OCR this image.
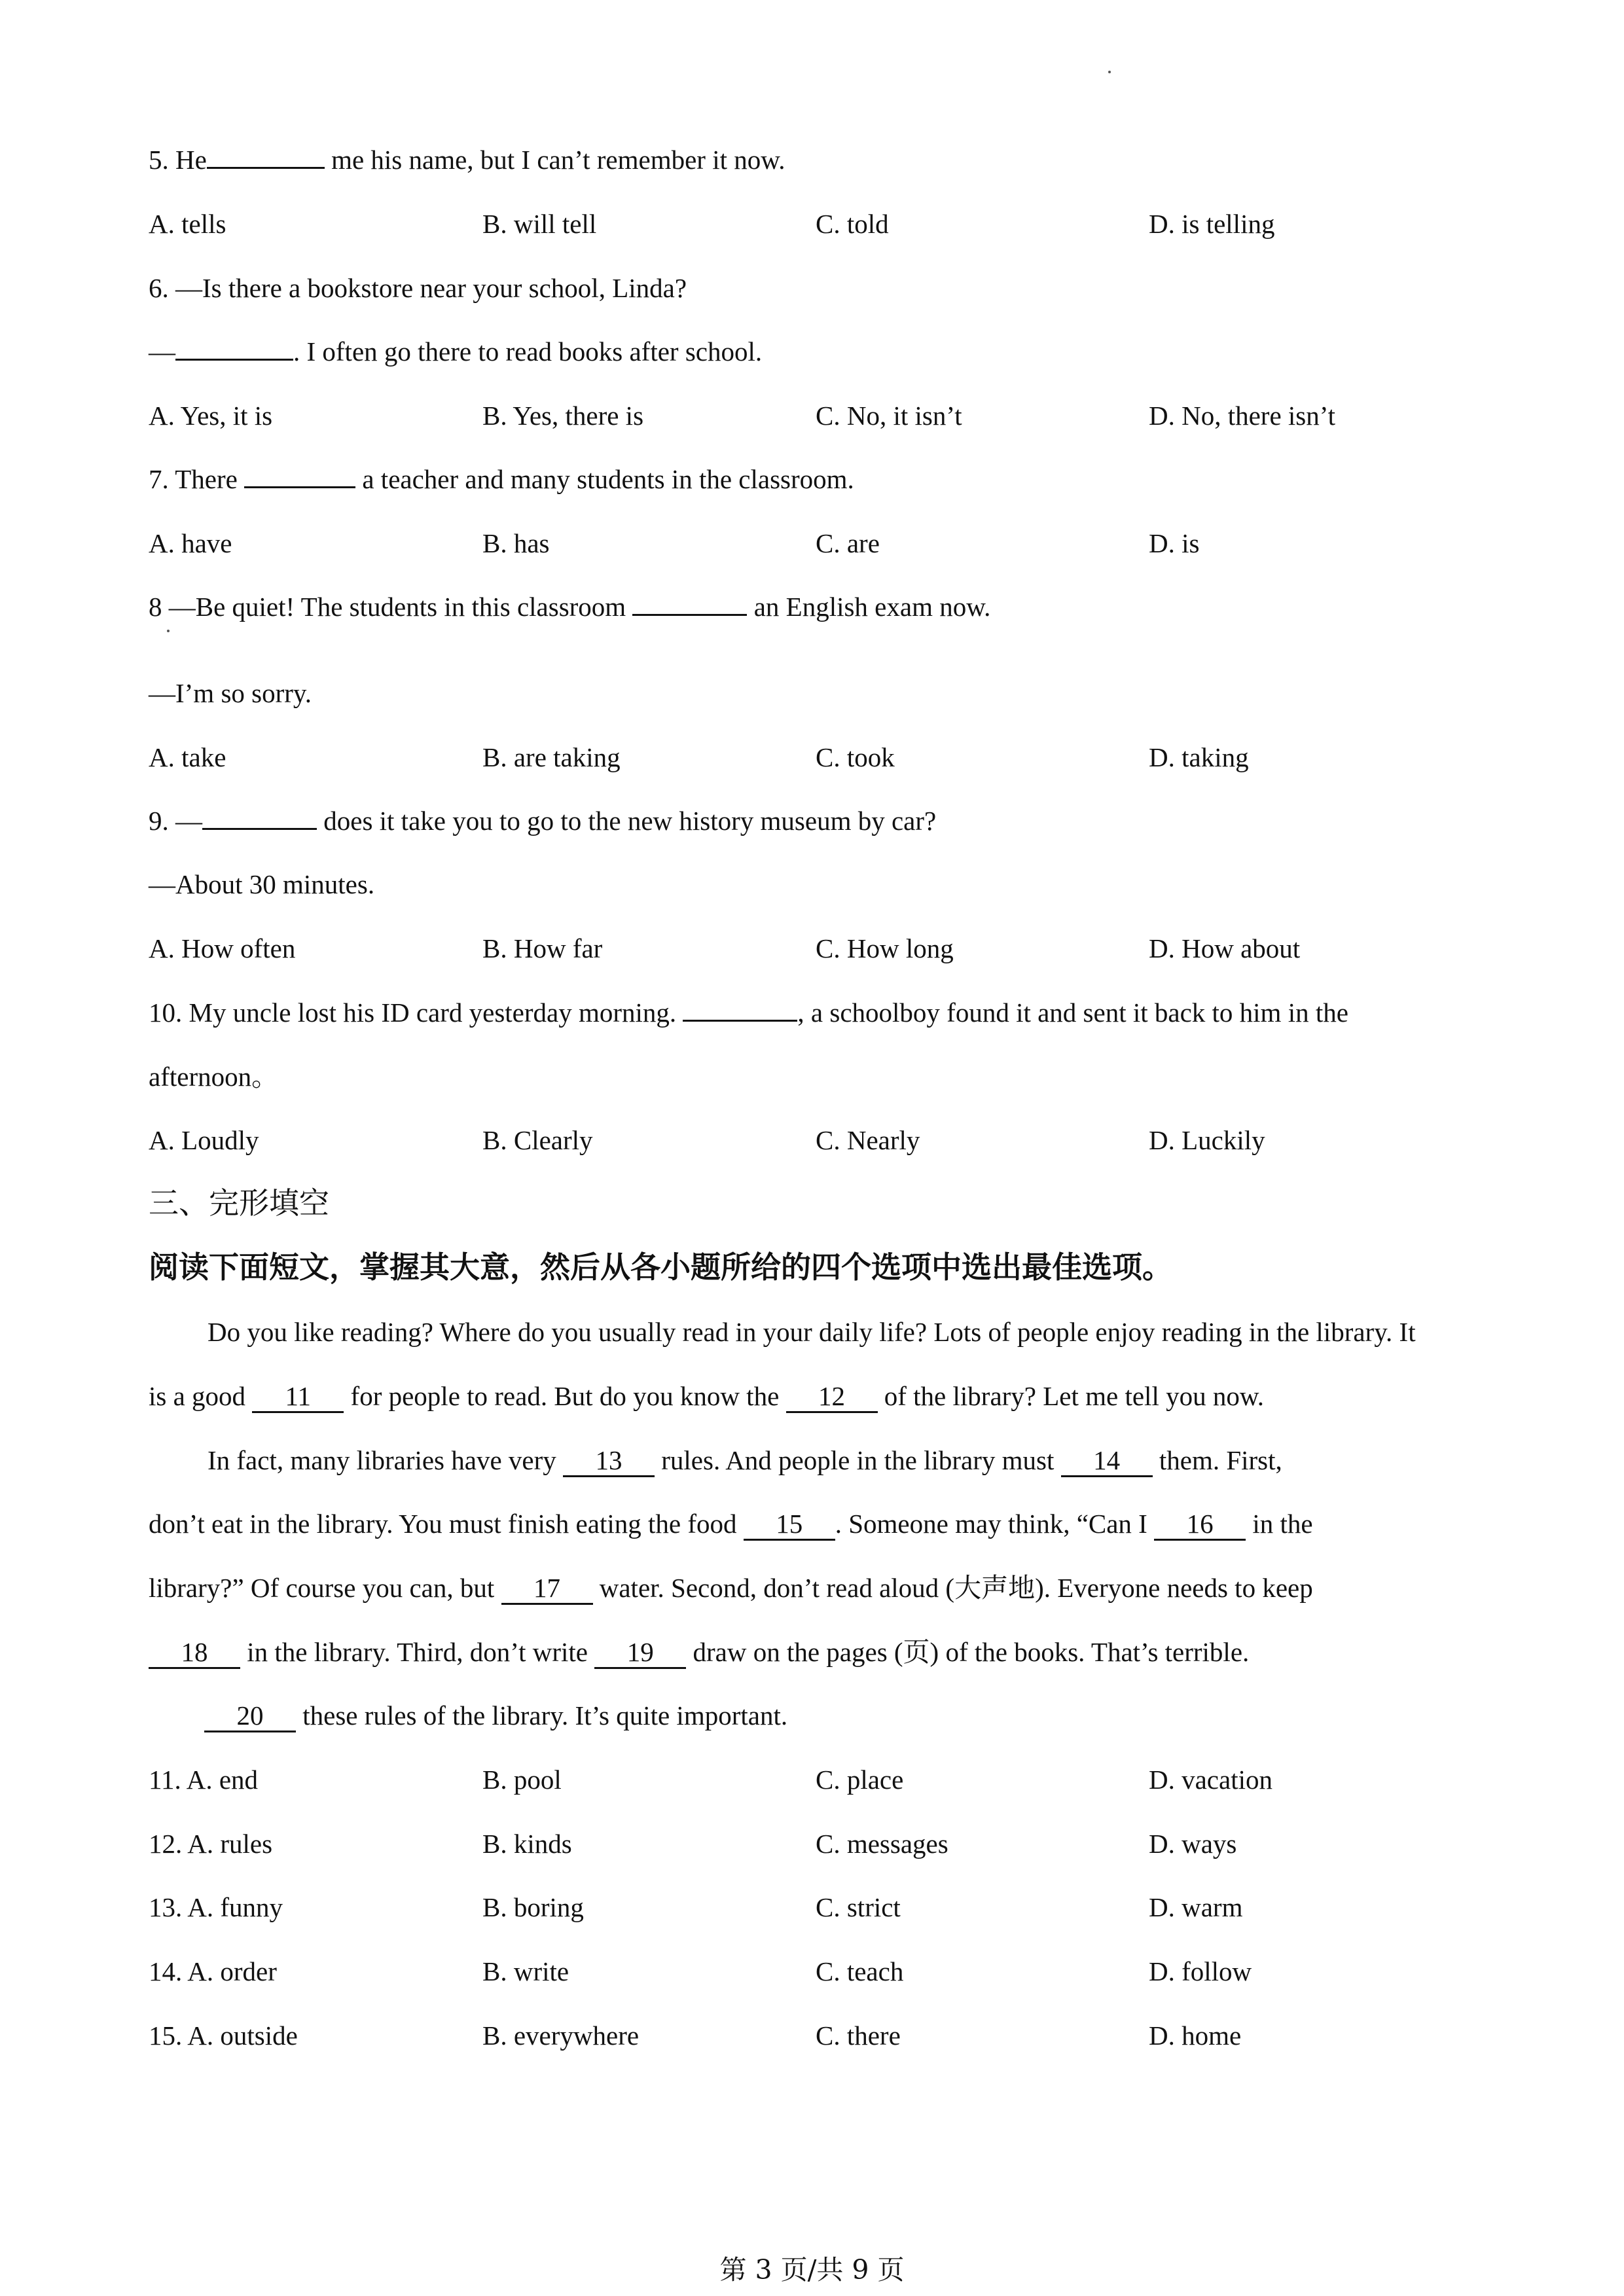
5. He	me his name, but I can’t remember it now.
A. tells	B. will tell	C. told	D. is telling
6. —Is there a bookstore near your school, Linda?
—	. I often go there to read books after school.
A. Yes, it is	B. Yes, there is	C. No, it isn’t	D. No, there isn’t
7. There	a teacher and many students in the classroom.
A. have	B. has	C. are	D. is
8 —Be quiet! The students in this classroom	an English exam now.
—I’m so sorry.
A. take	B. are taking	C. took	D. taking
9. —	does it take you to go to the new history museum by car?
—About 30 minutes.
A. How often	B. How far	C. How long	D. How about
10. My uncle lost his ID card yesterday morning.	, a schoolboy found it and sent it back to him in the
afternoon。
A. Loudly	B. Clearly	C. Nearly	D. Luckily
三、完形填空
阅读下面短文，掌握其大意，然后从各小题所给的四个选项中选出最佳选项。
Do you like reading? Where do you usually read in your daily life? Lots of people enjoy reading in the library. It
is a good 11 for people to read. But do you know the 12 of the library? Let me tell you now.
In fact, many libraries have very 13 rules. And people in the library must 14 them. First,
don’t eat in the library. You must finish eating the food 15 . Someone may think, “Can I 16 in the
library?” Of course you can, but 17 water. Second, don’t read aloud (大声地). Everyone needs to keep
18 in the library. Third, don’t write 19 draw on the pages (页) of the books. That’s terrible.
20 these rules of the library. It’s quite important.
11. A. end	B. pool	C. place	D. vacation
12. A. rules	B. kinds	C. messages	D. ways
13. A. funny	B. boring	C. strict	D. warm
14. A. order	B. write	C. teach	D. follow
15. A. outside	B. everywhere	C. there	D. home
第 3 页/共 9 页
